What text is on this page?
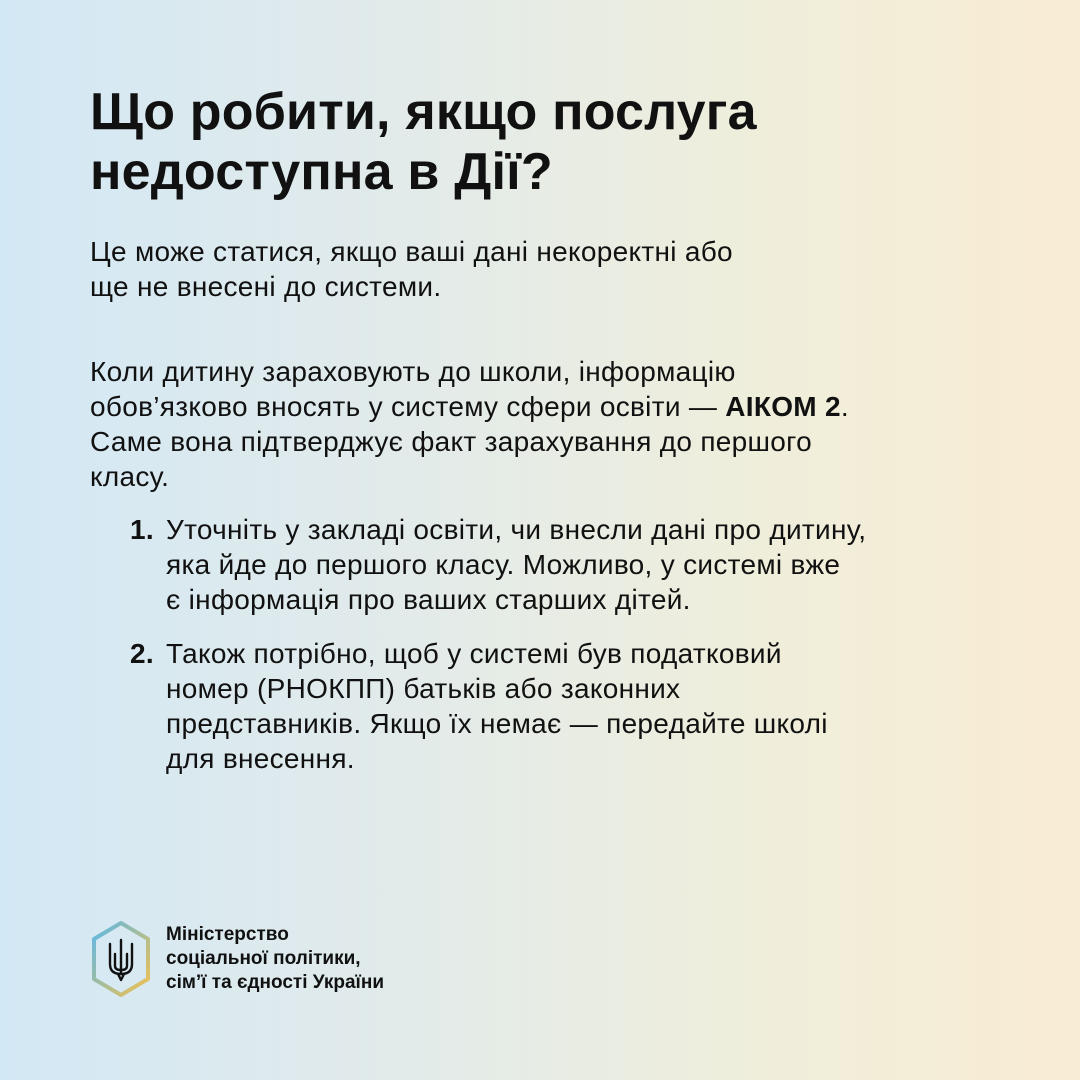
Що робити, якщо послуга
недоступна в Дії?

Це може статися, якщо ваші дані некоректні або
ще не внесені до системи.

Коли дитину зараховують до школи, інформацію
обов’язково вносять у систему сфери освіти — АІКОМ 2.
Саме вона підтверджує факт зарахування до першого
класу.

1. Уточніть у закладі освіти, чи внесли дані про дитину,
яка йде до першого класу. Можливо, у системі вже
є інформація про ваших старших дітей.
2. Також потрібно, щоб у системі був податковий
номер (РНОКПП) батьків або законних
представників. Якщо їх немає — передайте школі
для внесення.
Міністерство
соціальної політики,
сім’ї та єдності України
